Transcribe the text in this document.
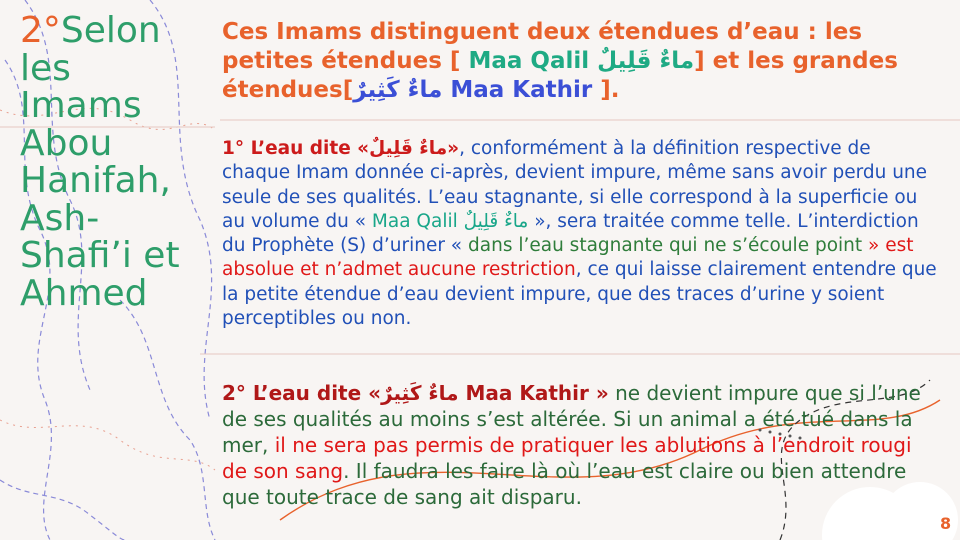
2°Selon les Imams Abou Hanifah, Ash-Shafi’i et Ahmed
Ces Imams distinguent deux étendues d’eau : les petites étendues [ Maa Qalil ماءٌ قَلِيلٌ] et les grandes étendues[ماءٌ كَثِيرٌ Maa Kathir ].
1° L’eau dite «ماءٌ قَلِيلٌ», conformément à la définition respective de chaque Imam donnée ci-après, devient impure, même sans avoir perdu une seule de ses qualités. L’eau stagnante, si elle correspond à la superficie ou au volume du « Maa Qalil ماءٌ قَلِيلٌ », sera traitée comme telle. L’interdiction du Prophète (S) d’uriner « dans l’eau stagnante qui ne s’écoule point » est absolue et n’admet aucune restriction, ce qui laisse clairement entendre que la petite étendue d’eau devient impure, que des traces d’urine y soient perceptibles ou non.
2° L’eau dite «ماءٌ كَثِيرٌ Maa Kathir » ne devient impure que si l’une de ses qualités au moins s’est altérée. Si un animal a été tué dans la mer, il ne sera pas permis de pratiquer les ablutions à l’endroit rougi de son sang. Il faudra les faire là où l’eau est claire ou bien attendre que toute trace de sang ait disparu.
8
